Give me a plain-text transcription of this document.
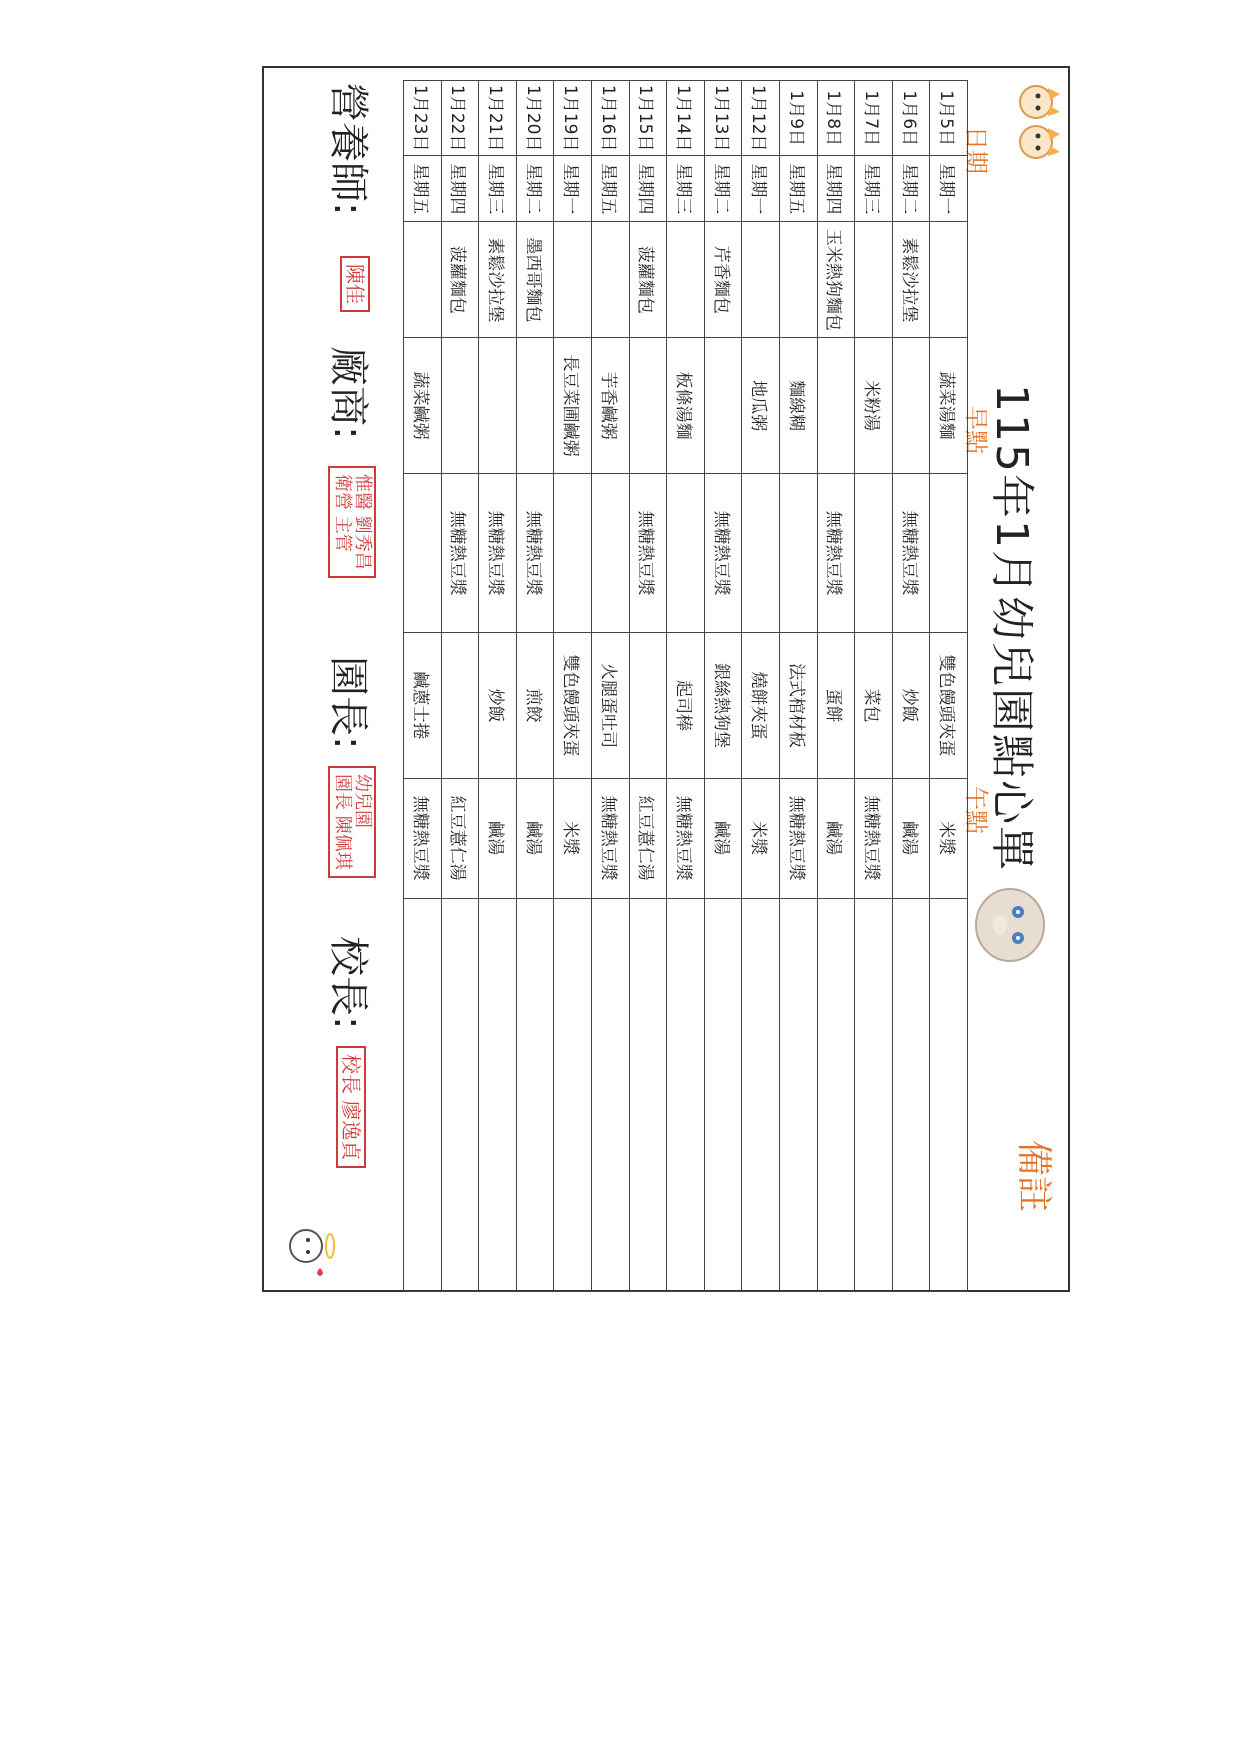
115年1月幼兒園點心單
日期
早點
午點
備註
1月5日	星期一		蔬菜湯麵		雙色饅頭夾蛋	米漿	
1月6日	星期二	素鬆沙拉堡		無糖熱豆漿	炒飯	鹹湯	
1月7日	星期三		米粉湯		菜包	無糖熱豆漿	
1月8日	星期四	玉米熱狗麵包		無糖熱豆漿	蛋餅	鹹湯	
1月9日	星期五		麵線糊		法式棺材板	無糖熱豆漿	
1月12日	星期一		地瓜粥		燒餅夾蛋	米漿	
1月13日	星期二	芹香麵包		無糖熱豆漿	銀絲熱狗堡	鹹湯	
1月14日	星期三		板條湯麵		起司棒	無糖熱豆漿	
1月15日	星期四	菠蘿麵包		無糖熱豆漿		紅豆薏仁湯	
1月16日	星期五		芋香鹹粥		火腿蛋吐司	無糖熱豆漿	
1月19日	星期一		長豆菜圃鹹粥		雙色饅頭夾蛋	米漿	
1月20日	星期二	墨西哥麵包		無糖熱豆漿	煎餃	鹹湯	
1月21日	星期三	素鬆沙拉堡		無糖熱豆漿	炒飯	鹹湯	
1月22日	星期四	菠蘿麵包		無糖熱豆漿		紅豆薏仁湯	
1月23日	星期五		蔬菜鹹粥		鹹蔥士捲	無糖熱豆漿	
營養師:
陳佳
廠商:
惟醫 劉秀昌
衛營 主管
園長:
幼兒園
園長 陳佩琪
校長:
校長 廖逸貞
